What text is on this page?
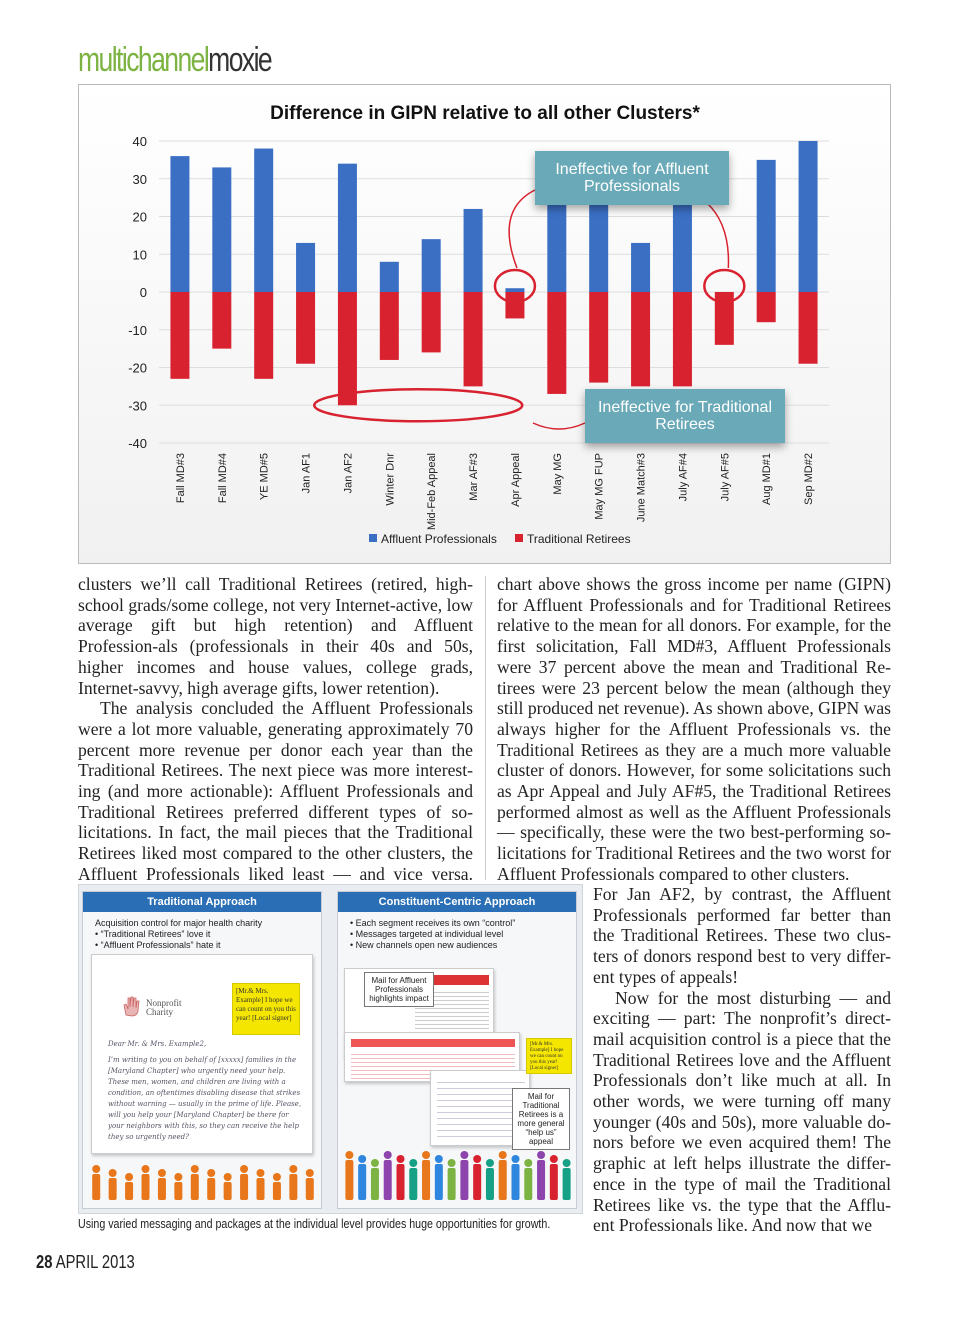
multichannelmoxie
Difference in GIPN relative to all other Clusters*
40
30
20
10
0
-10
-20
-30
-40
Fall MD#3	Fall MD#4	YE MD#5	Jan AF1	Jan AF2	Winter Dnr	Mid-Feb Appeal	Mar AF#3	Apr Appeal	May MG	May MG FUP	June Match#3	July AF#4	July AF#5	Aug MD#1	Sep MD#2
Affluent Professionals	Traditional Retirees
Ineffective for Affluent Professionals
Ineffective for Traditional Retirees

clusters we’ll call Traditional Retirees (retired, high-school grads/some college, not very Internet-active, low average gift but high retention) and Affluent Profession-als (professionals in their 40s and 50s, higher incomes and house values, college grads, Internet-savvy, high average gifts, lower retention).

The analysis concluded the Affluent Professionals were a lot more valuable, generating approximately 70 percent more revenue per donor each year than the Traditional Retirees. The next piece was more interest-ing (and more actionable): Affluent Professionals and Traditional Retirees preferred different types of so-licitations. In fact, the mail pieces that the Traditional Retirees liked most compared to the other clusters, the Affluent Professionals liked least — and vice versa.

chart above shows the gross income per name (GIPN) for Affluent Professionals and for Traditional Retirees relative to the mean for all donors. For example, for the first solicitation, Fall MD#3, Affluent Professionals were 37 percent above the mean and Traditional Re-tirees were 23 percent below the mean (although they still produced net revenue). As shown above, GIPN was always higher for the Affluent Professionals vs. the Traditional Retirees as they are a much more valuable cluster of donors. However, for some solicitations such as Apr Appeal and July AF#5, the Traditional Retirees performed almost as well as the Affluent Professionals — specifically, these were the two best-performing so-licitations for Traditional Retirees and the two worst for Affluent Professionals compared to other clusters.

For Jan AF2, by contrast, the Affluent Professionals performed far better than the Traditional Retirees. These two clus-ters of donors respond best to very differ-ent types of appeals!

Now for the most disturbing — and exciting — part: The nonprofit’s direct-mail acquisition control is a piece that the Traditional Retirees love and the Affluent Professionals don’t like much at all. In other words, we were turning off many younger (40s and 50s), more valuable do-nors before we even acquired them! The graphic at left helps illustrate the differ-ence in the type of mail the Traditional Retirees like vs. the type that the Afflu-ent Professionals like. And now that we

Traditional Approach
Acquisition control for major health charity
• “Traditional Retirees” love it
• “Affluent Professionals” hate it
Nonprofit Charity
[Mr.& Mrs. Example] I hope we can count on you this year! [Local signer]
Dear Mr. & Mrs. Example2,
I’m writing to you on behalf of [xxxxx] families in the [Maryland Chapter] who urgently need your help. These men, women, and children are living with a condition, an oftentimes disabling disease that strikes without warning — usually in the prime of life. Please, will you help your [Maryland Chapter] be there for your neighbors with this, so they can receive the help they so urgently need?
Constituent-Centric Approach
• Each segment receives its own “control”
• Messages targeted at individual level
• New channels open new audiences
Mail for Affluent Professionals highlights impact
[Mr.& Mrs. Example] I hope we can count on you this year! [Local signer]
Mail for Traditional Retirees is a more general “help us” appeal
Using varied messaging and packages at the individual level provides huge opportunities for growth.
28 APRIL 2013
